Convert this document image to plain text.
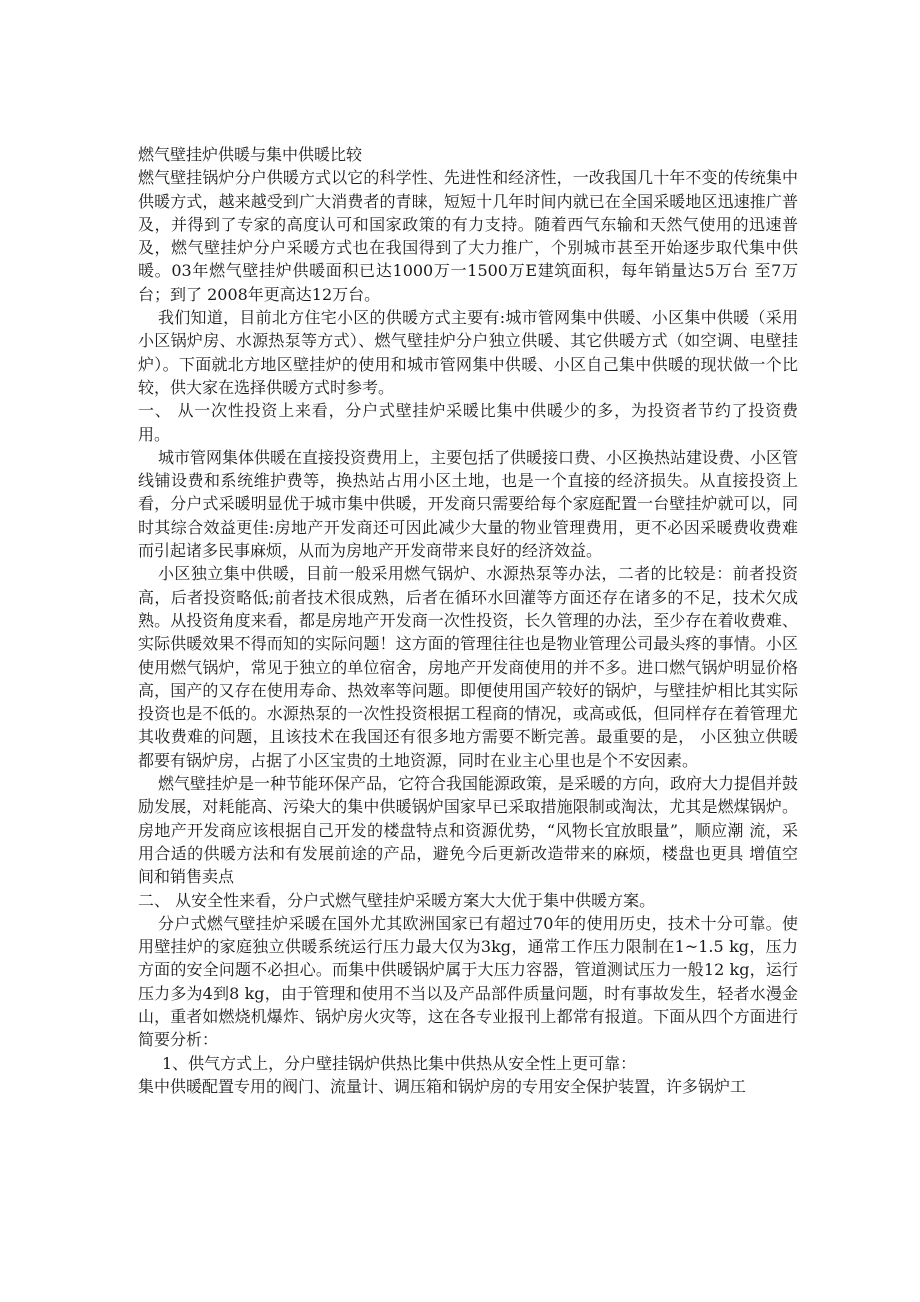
燃气壁挂炉供暖与集中供暖比较

燃气壁挂锅炉分户供暖方式以它的科学性、先进性和经济性，一改我国几十年不变的传统集中供暖方式，越来越受到广大消费者的青睐，短短十几年时间内就已在全国采暖地区迅速推广普及，并得到了专家的高度认可和国家政策的有力支持。随着西气东输和天然气使用的迅速普及，燃气壁挂炉分户采暖方式也在我国得到了大力推广，个别城市甚至开始逐步取代集中供暖。03年燃气壁挂炉供暖面积已达1000万一1500万E建筑面积，每年销量达5万台 至7万台；到了 2008年更高达12万台。

我们知道，目前北方住宅小区的供暖方式主要有:城市管网集中供暖、小区集中供暖（采用小区锅炉房、水源热泵等方式）、燃气壁挂炉分户独立供暖、其它供暖方式（如空调、电壁挂炉）。下面就北方地区壁挂炉的使用和城市管网集中供暖、小区自己集中供暖的现状做一个比较，供大家在选择供暖方式时参考。

一、 从一次性投资上来看，分户式壁挂炉采暖比集中供暖少的多，为投资者节约了投资费用。

城市管网集体供暖在直接投资费用上，主要包括了供暖接口费、小区换热站建设费、小区管线铺设费和系统维护费等，换热站占用小区土地，也是一个直接的经济损失。从直接投资上看，分户式采暖明显优于城市集中供暖，开发商只需要给每个家庭配置一台壁挂炉就可以，同时其综合效益更佳:房地产开发商还可因此减少大量的物业管理费用，更不必因采暖费收费难而引起诸多民事麻烦，从而为房地产开发商带来良好的经济效益。

小区独立集中供暖，目前一般采用燃气锅炉、水源热泵等办法，二者的比较是：前者投资高，后者投资略低;前者技术很成熟，后者在循环水回灌等方面还存在诸多的不足，技术欠成熟。从投资角度来看，都是房地产开发商一次性投资，长久管理的办法，至少存在着收费难、实际供暖效果不得而知的实际问题！这方面的管理往往也是物业管理公司最头疼的事情。小区使用燃气锅炉，常见于独立的单位宿舍，房地产开发商使用的并不多。进口燃气锅炉明显价格高，国产的又存在使用寿命、热效率等问题。即便使用国产较好的锅炉，与壁挂炉相比其实际投资也是不低的。水源热泵的一次性投资根据工程商的情况，或高或低，但同样存在着管理尤其收费难的问题，且该技术在我国还有很多地方需要不断完善。最重要的是， 小区独立供暖都要有锅炉房，占据了小区宝贵的土地资源，同时在业主心里也是个不安因素。

燃气壁挂炉是一种节能环保产品，它符合我国能源政策，是采暖的方向，政府大力提倡并鼓励发展，对耗能高、污染大的集中供暖锅炉国家早已采取措施限制或淘汰，尤其是燃煤锅炉。房地产开发商应该根据自己开发的楼盘特点和资源优势，“风物长宜放眼量”，顺应潮 流，采用合适的供暖方法和有发展前途的产品，避免今后更新改造带来的麻烦，楼盘也更具 增值空间和销售卖点

二、 从安全性来看，分户式燃气壁挂炉采暖方案大大优于集中供暖方案。

分户式燃气壁挂炉采暖在国外尤其欧洲国家已有超过70年的使用历史，技术十分可靠。使用壁挂炉的家庭独立供暖系统运行压力最大仅为3kg，通常工作压力限制在1~1.5 kg，压力方面的安全问题不必担心。而集中供暖锅炉属于大压力容器，管道测试压力一般12 kg，运行压力多为4到8 kg，由于管理和使用不当以及产品部件质量问题，时有事故发生，轻者水漫金山，重者如燃烧机爆炸、锅炉房火灾等，这在各专业报刊上都常有报道。下面从四个方面进行简要分析：

1、供气方式上，分户壁挂锅炉供热比集中供热从安全性上更可靠：

集中供暖配置专用的阀门、流量计、调压箱和锅炉房的专用安全保护装置，许多锅炉工
